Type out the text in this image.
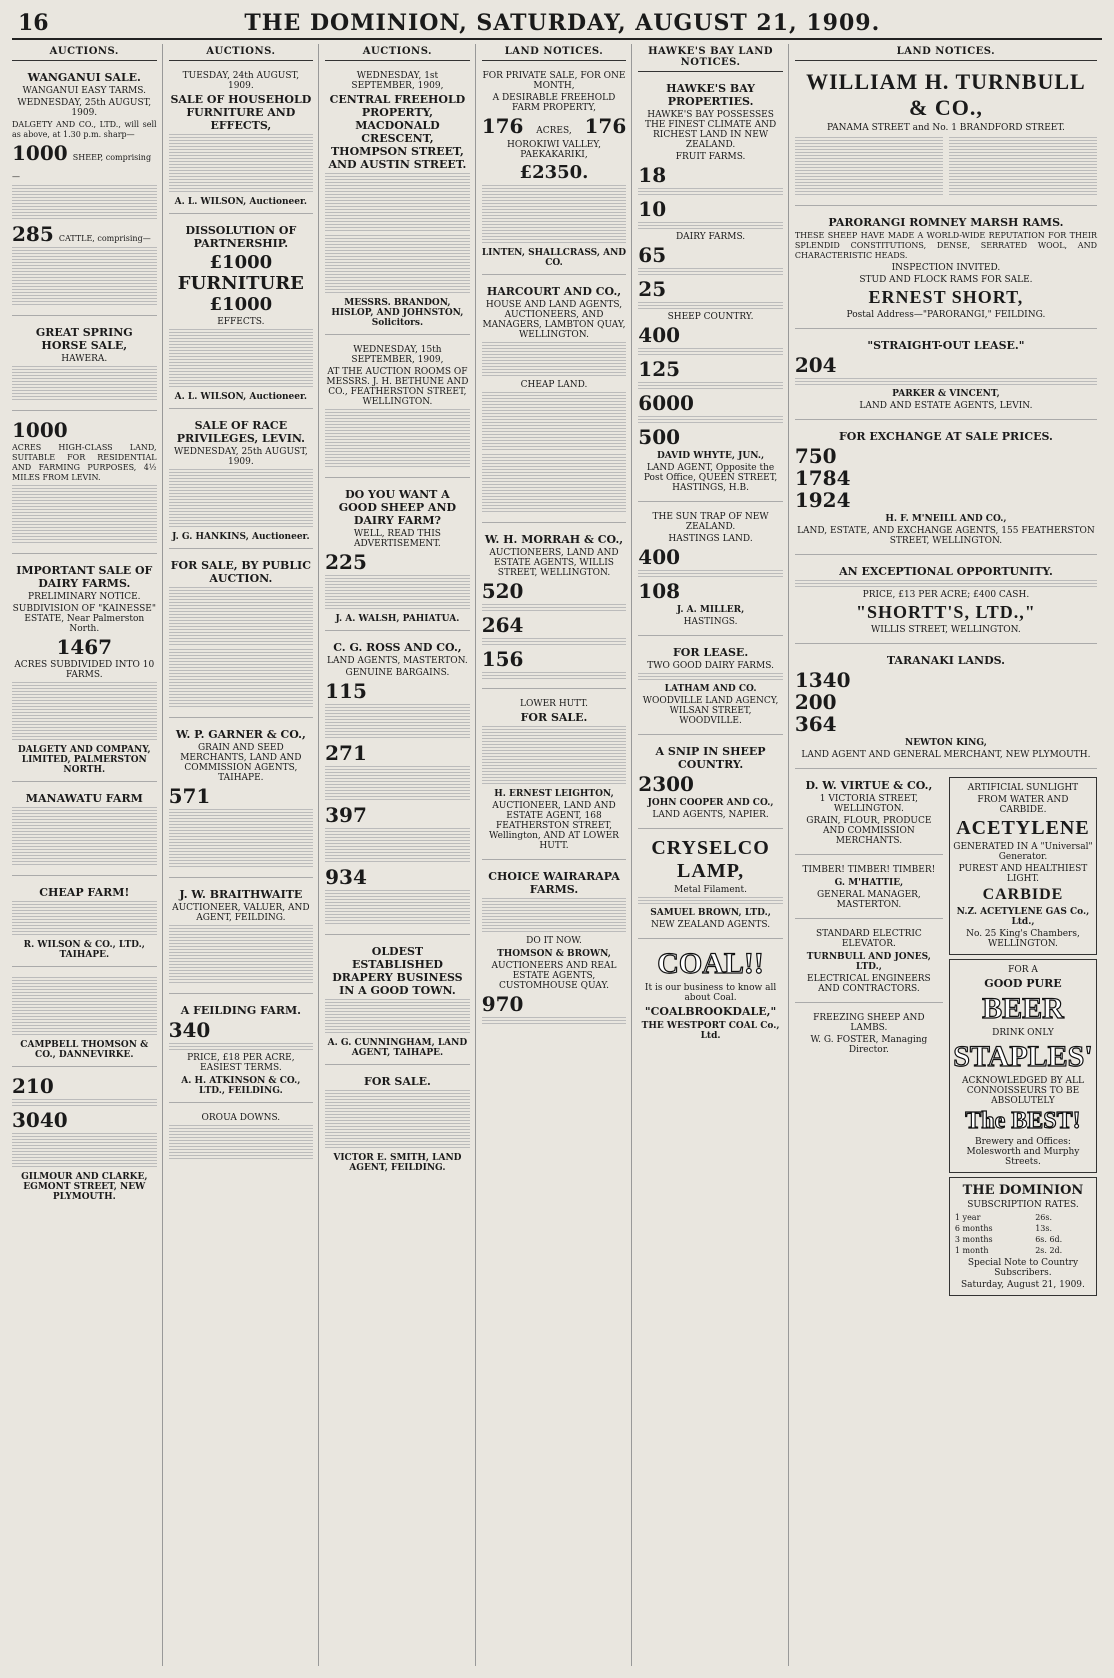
16	THE DOMINION, SATURDAY, AUGUST 21, 1909.
AUCTIONS.
WANGANUI SALE.
WANGANUI EASY TARMS.
WEDNESDAY, 25th AUGUST, 1909.
DALGETY AND CO., LTD., will sell as above, at 1.30 p.m. sharp—
1000 SHEEP, comprising—
285 CATTLE, comprising—
GREAT SPRING HORSE SALE,
HAWERA.
1000
ACRES HIGH-CLASS LAND, SUITABLE FOR RESIDENTIAL AND FARMING PURPOSES, 4½ MILES FROM LEVIN.
IMPORTANT SALE OF DAIRY FARMS.
PRELIMINARY NOTICE.
SUBDIVISION OF "KAINESSE" ESTATE, Near Palmerston North.
1467
ACRES SUBDIVIDED INTO 10 FARMS.
DALGETY AND COMPANY, LIMITED, PALMERSTON NORTH.
MANAWATU FARM
CHEAP FARM!
R. WILSON & CO., LTD., TAIHAPE.
CAMPBELL THOMSON & CO., DANNEVIRKE.
210
3040
GILMOUR AND CLARKE, EGMONT STREET, NEW PLYMOUTH.
AUCTIONS.
TUESDAY, 24th AUGUST, 1909.
SALE OF HOUSEHOLD FURNITURE AND EFFECTS,
A. L. WILSON, Auctioneer.
DISSOLUTION OF PARTNERSHIP.
£1000 FURNITURE £1000
EFFECTS.
A. L. WILSON, Auctioneer.
SALE OF RACE PRIVILEGES, LEVIN.
WEDNESDAY, 25th AUGUST, 1909.
J. G. HANKINS, Auctioneer.
FOR SALE, BY PUBLIC AUCTION.
W. P. GARNER & CO.,
GRAIN AND SEED MERCHANTS, LAND AND COMMISSION AGENTS, TAIHAPE.
571
J. W. BRAITHWAITE
AUCTIONEER, VALUER, AND AGENT, FEILDING.
A FEILDING FARM.
340
PRICE, £18 PER ACRE, EASIEST TERMS.
A. H. ATKINSON & CO., LTD., FEILDING.
OROUA DOWNS.
AUCTIONS.
WEDNESDAY, 1st SEPTEMBER, 1909,
CENTRAL FREEHOLD PROPERTY, MACDONALD CRESCENT, THOMPSON STREET, AND AUSTIN STREET.
MESSRS. BRANDON, HISLOP, AND JOHNSTON, Solicitors.
WEDNESDAY, 15th SEPTEMBER, 1909,
AT THE AUCTION ROOMS OF MESSRS. J. H. BETHUNE AND CO., FEATHERSTON STREET, WELLINGTON.
DO YOU WANT A GOOD SHEEP AND DAIRY FARM?
WELL, READ THIS ADVERTISEMENT.
225
J. A. WALSH, PAHIATUA.
C. G. ROSS AND CO.,
LAND AGENTS, MASTERTON.
GENUINE BARGAINS.
115
271
397
934
OLDEST ESTABLISHED DRAPERY BUSINESS IN A GOOD TOWN.
A. G. CUNNINGHAM, LAND AGENT, TAIHAPE.
FOR SALE.
VICTOR E. SMITH, LAND AGENT, FEILDING.
LAND NOTICES.
FOR PRIVATE SALE, FOR ONE MONTH,
A DESIRABLE FREEHOLD FARM PROPERTY,
176 ACRES, 176
HOROKIWI VALLEY, PAEKAKARIKI,
£2350.
LINTEN, SHALLCRASS, AND CO.
HARCOURT AND CO.,
HOUSE AND LAND AGENTS, AUCTIONEERS, AND MANAGERS, LAMBTON QUAY, WELLINGTON.
CHEAP LAND.
W. H. MORRAH & CO.,
AUCTIONEERS, LAND AND ESTATE AGENTS, WILLIS STREET, WELLINGTON.
520
264
156
LOWER HUTT.
FOR SALE.
H. ERNEST LEIGHTON,
AUCTIONEER, LAND AND ESTATE AGENT, 168 FEATHERSTON STREET, Wellington, AND AT LOWER HUTT.
CHOICE WAIRARAPA FARMS.
DO IT NOW.
THOMSON & BROWN,
AUCTIONEERS AND REAL ESTATE AGENTS, CUSTOMHOUSE QUAY.
970
HAWKE'S BAY LAND NOTICES.
HAWKE'S BAY PROPERTIES.
HAWKE'S BAY POSSESSES THE FINEST CLIMATE AND RICHEST LAND IN NEW ZEALAND.
FRUIT FARMS.
18
10
DAIRY FARMS.
65
25
SHEEP COUNTRY.
400
125
6000
500
DAVID WHYTE, JUN.,
LAND AGENT, Opposite the Post Office, QUEEN STREET, HASTINGS, H.B.
THE SUN TRAP OF NEW ZEALAND.
HASTINGS LAND.
400
108
J. A. MILLER,
HASTINGS.
FOR LEASE.
TWO GOOD DAIRY FARMS.
LATHAM AND CO.
WOODVILLE LAND AGENCY, WILSAN STREET, WOODVILLE.
A SNIP IN SHEEP COUNTRY.
2300
JOHN COOPER AND CO.,
LAND AGENTS, NAPIER.
CRYSELCO LAMP,
Metal Filament.
SAMUEL BROWN, LTD.,
NEW ZEALAND AGENTS.
COAL!!
It is our business to know all about Coal.
"COALBROOKDALE,"
THE WESTPORT COAL Co., Ltd.
LAND NOTICES.
WILLIAM H. TURNBULL & CO.,
PANAMA STREET and No. 1 BRANDFORD STREET.
PARORANGI ROMNEY MARSH RAMS.
THESE SHEEP HAVE MADE A WORLD-WIDE REPUTATION FOR THEIR SPLENDID CONSTITUTIONS, DENSE, SERRATED WOOL, AND CHARACTERISTIC HEADS.
INSPECTION INVITED.
STUD AND FLOCK RAMS FOR SALE.
ERNEST SHORT,
Postal Address—"PARORANGI," FEILDING.
"STRAIGHT-OUT LEASE."
204
PARKER & VINCENT,
LAND AND ESTATE AGENTS, LEVIN.
FOR EXCHANGE AT SALE PRICES.
750
1784
1924
H. F. M'NEILL AND CO.,
LAND, ESTATE, AND EXCHANGE AGENTS, 155 FEATHERSTON STREET, WELLINGTON.
AN EXCEPTIONAL OPPORTUNITY.
PRICE, £13 PER ACRE; £400 CASH.
"SHORTT'S, LTD.,"
WILLIS STREET, WELLINGTON.
TARANAKI LANDS.
1340
200
364
NEWTON KING,
LAND AGENT AND GENERAL MERCHANT, NEW PLYMOUTH.
D. W. VIRTUE & CO.,
1 VICTORIA STREET, WELLINGTON.
GRAIN, FLOUR, PRODUCE AND COMMISSION MERCHANTS.
TIMBER! TIMBER! TIMBER!
G. M'HATTIE,
GENERAL MANAGER, MASTERTON.
STANDARD ELECTRIC ELEVATOR.
TURNBULL AND JONES, LTD.,
ELECTRICAL ENGINEERS AND CONTRACTORS.
FREEZING SHEEP AND LAMBS.
W. G. FOSTER, Managing Director.
ARTIFICIAL SUNLIGHT
FROM WATER AND CARBIDE.
ACETYLENE
GENERATED IN A "Universal" Generator.
PUREST AND HEALTHIEST LIGHT.
CARBIDE
N.Z. ACETYLENE GAS Co., Ltd.,
No. 25 King's Chambers, WELLINGTON.
FOR A
GOOD PURE
BEER
DRINK ONLY
STAPLES'
ACKNOWLEDGED BY ALL CONNOISSEURS TO BE ABSOLUTELY
The BEST!
Brewery and Offices: Molesworth and Murphy Streets.
THE DOMINION
SUBSCRIPTION RATES.
1 year	26s.
6 months	13s.
3 months	6s. 6d.
1 month	2s. 2d.
Special Note to Country Subscribers.
Saturday, August 21, 1909.
